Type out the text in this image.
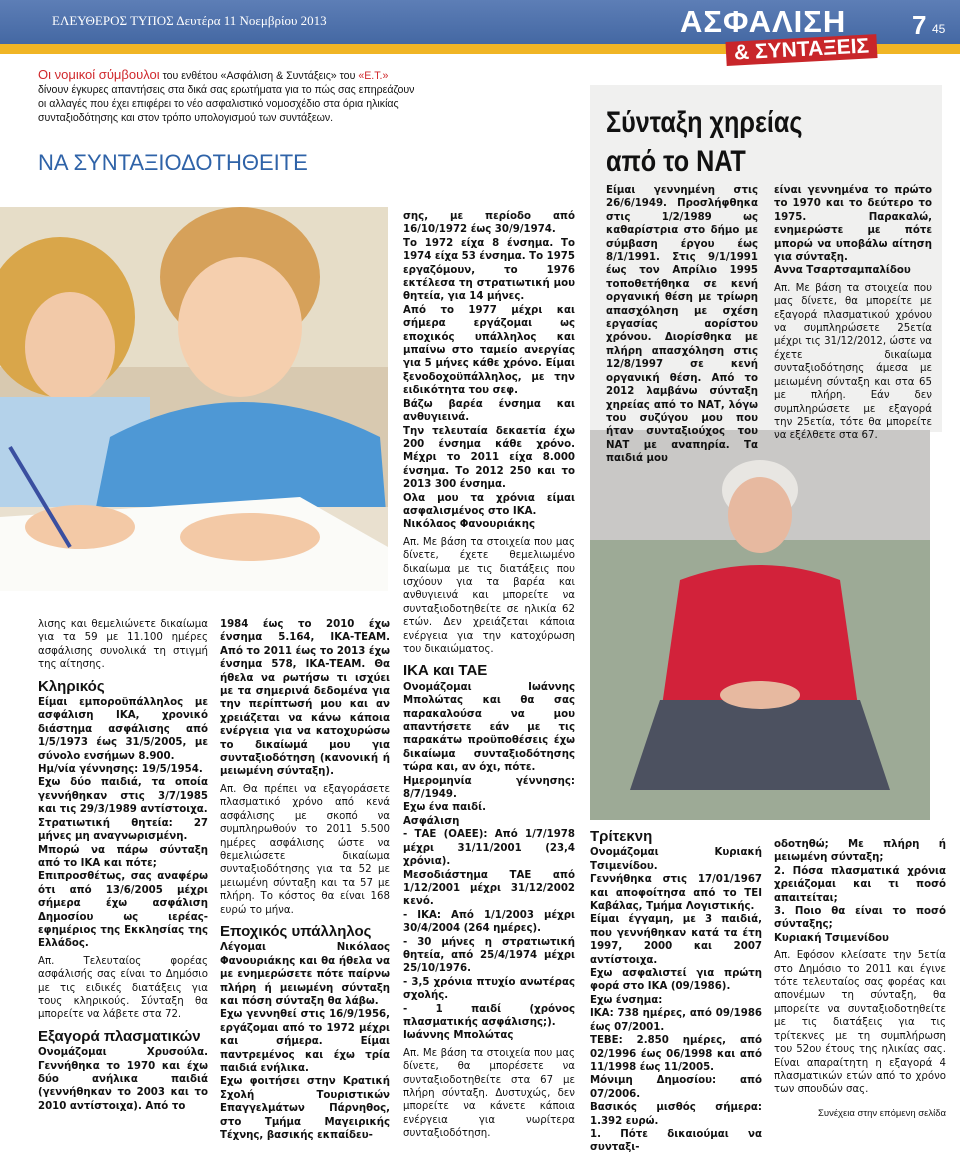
ΕΛΕΥΘΕΡΟΣ ΤΥΠΟΣ Δευτέρα 11 Νοεμβρίου 2013	ΑΣΦΑΛΙΣΗ
& ΣΥΝΤΑΞΕΙΣ
7 45
Οι νομικοί σύμβουλοι του ενθέτου «Ασφάλιση & Συντάξεις» του «Ε.Τ.» δίνουν έγκυρες απαντήσεις στα δικά σας ερωτήματα για το πώς σας επηρεάζουν οι αλλαγές που έχει επιφέρει το νέο ασφαλιστικό νομοσχέδιο στα όρια ηλικίας συνταξιοδότησης και στον τρόπο υπολογισμού των συντάξεων.
ΝΑ ΣΥΝΤΑΞΙΟΔΟΤΗΘΕΙΤΕ
Σύνταξη χηρείας
από το ΝΑΤ

λισης και θεμελιώνετε δικαίωμα για τα 59 με 11.100 ημέρες ασφάλισης συνολικά τη στιγμή της αίτησης.

Κληρικός

Είμαι εμποροϋπάλληλος με ασφάλιση ΙΚΑ, χρονικό διάστημα ασφάλισης από 1/5/1973 έως 31/5/2005, με σύνολο ενσήμων 8.900.

Ημ/νία γέννησης: 19/5/1954.

Εχω δύο παιδιά, τα οποία γεννήθηκαν στις 3/7/1985 και τις 29/3/1989 αντίστοιχα.

Στρατιωτική θητεία: 27 μήνες μη αναγνωρισμένη.

Μπορώ να πάρω σύνταξη από το ΙΚΑ και πότε;

Επιπροσθέτως, σας αναφέρω ότι από 13/6/2005 μέχρι σήμερα έχω ασφάλιση Δημοσίου ως ιερέας-εφημέριος της Εκκλησίας της Ελλάδος.

Απ. Τελευταίος φορέας ασφάλισής σας είναι το Δημόσιο με τις ειδικές διατάξεις για τους κληρικούς. Σύνταξη θα μπορείτε να λάβετε στα 72.

Εξαγορά πλασματικών

Ονομάζομαι Χρυσούλα. Γεννήθηκα το 1970 και έχω δύο ανήλικα παιδιά (γεννήθηκαν το 2003 και το 2010 αντίστοιχα). Από το

1984 έως το 2010 έχω ένσημα 5.164, ΙΚΑ-ΤΕΑΜ. Από το 2011 έως το 2013 έχω ένσημα 578, ΙΚΑ-ΤΕΑΜ. Θα ήθελα να ρωτήσω τι ισχύει με τα σημερινά δεδομένα για την περίπτωσή μου και αν χρειάζεται να κάνω κάποια ενέργεια για να κατοχυρώσω το δικαίωμά μου για συνταξιοδότηση (κανονική ή μειωμένη σύνταξη).

Απ. Θα πρέπει να εξαγοράσετε πλασματικό χρόνο από κενά ασφάλισης με σκοπό να συμπληρωθούν το 2011 5.500 ημέρες ασφάλισης ώστε να θεμελιώσετε δικαίωμα συνταξιοδότησης για τα 52 με μειωμένη σύνταξη και τα 57 με πλήρη. Το κόστος θα είναι 168 ευρώ το μήνα.

Εποχικός υπάλληλος

Λέγομαι Νικόλαος Φανουριάκης και θα ήθελα να με ενημερώσετε πότε παίρνω πλήρη ή μειωμένη σύνταξη και πόση σύνταξη θα λάβω.

Εχω γεννηθεί στις 16/9/1956, εργάζομαι από το 1972 μέχρι και σήμερα. Είμαι παντρεμένος και έχω τρία παιδιά ενήλικα.

Εχω φοιτήσει στην Κρατική Σχολή Τουριστικών Επαγγελμάτων Πάρνηθος, στο Τμήμα Μαγειρικής Τέχνης, βασικής εκπαίδευ-

σης, με περίοδο από 16/10/1972 έως 30/9/1974.

Το 1972 είχα 8 ένσημα. Το 1974 είχα 53 ένσημα. Το 1975 εργαζόμουν, το 1976 εκτέλεσα τη στρατιωτική μου θητεία, για 14 μήνες.

Από το 1977 μέχρι και σήμερα εργάζομαι ως εποχικός υπάλληλος και μπαίνω στο ταμείο ανεργίας για 5 μήνες κάθε χρόνο. Είμαι ξενοδοχοϋπάλληλος, με την ειδικότητα του σεφ.

Βάζω βαρέα ένσημα και ανθυγιεινά.

Την τελευταία δεκαετία έχω 200 ένσημα κάθε χρόνο. Μέχρι το 2011 είχα 8.000 ένσημα. Το 2012 250 και το 2013 300 ένσημα.

Ολα μου τα χρόνια είμαι ασφαλισμένος στο ΙΚΑ.

Νικόλαος Φανουριάκης

Απ. Με βάση τα στοιχεία που μας δίνετε, έχετε θεμελιωμένο δικαίωμα με τις διατάξεις που ισχύουν για τα βαρέα και ανθυγιεινά και μπορείτε να συνταξιοδοτηθείτε σε ηλικία 62 ετών. Δεν χρειάζεται κάποια ενέργεια για την κατοχύρωση του δικαιώματος.

ΙΚΑ και ΤΑΕ

Ονομάζομαι Ιωάννης Μπολώτας και θα σας παρακαλούσα να μου απαντήσετε εάν με τις παρακάτω προϋποθέσεις έχω δικαίωμα συνταξιοδότησης τώρα και, αν όχι, πότε.

Ημερομηνία γέννησης: 8/7/1949.

Εχω ένα παιδί.

Ασφάλιση

- ΤΑΕ (ΟΑΕΕ): Από 1/7/1978 μέχρι 31/11/2001 (23,4 χρόνια).

Μεσοδιάστημα ΤΑΕ από 1/12/2001 μέχρι 31/12/2002 κενό.

- ΙΚΑ: Από 1/1/2003 μέχρι 30/4/2004 (264 ημέρες).

- 30 μήνες η στρατιωτική θητεία, από 25/4/1974 μέχρι 25/10/1976.

- 3,5 χρόνια πτυχίο ανωτέρας σχολής.

- 1 παιδί (χρόνος πλασματικής ασφάλισης;).

Ιωάννης Μπολώτας

Απ. Με βάση τα στοιχεία που μας δίνετε, θα μπορέσετε να συνταξιοδοτηθείτε στα 67 με πλήρη σύνταξη. Δυστυχώς, δεν μπορείτε να κάνετε κάποια ενέργεια για νωρίτερα συνταξιοδότηση.

Είμαι γεννημένη στις 26/6/1949. Προσλήφθηκα στις 1/2/1989 ως καθαρίστρια στο δήμο με σύμβαση έργου έως 8/1/1991. Στις 9/1/1991 έως τον Απρίλιο 1995 τοποθετήθηκα σε κενή οργανική θέση με τρίωρη απασχόληση με σχέση εργασίας αορίστου χρόνου. Διορίσθηκα με πλήρη απασχόληση στις 12/8/1997 σε κενή οργανική θέση. Από το 2012 λαμβάνω σύνταξη χηρείας από το ΝΑΤ, λόγω του συζύγου μου που ήταν συνταξιούχος του ΝΑΤ με αναπηρία. Τα παιδιά μου

Τρίτεκνη

Ονομάζομαι Κυριακή Τσιμενίδου.

Γεννήθηκα στις 17/01/1967 και αποφοίτησα από το ΤΕΙ Καβάλας, Τμήμα Λογιστικής.

Είμαι έγγαμη, με 3 παιδιά, που γεννήθηκαν κατά τα έτη 1997, 2000 και 2007 αντίστοιχα.

Εχω ασφαλιστεί για πρώτη φορά στο ΙΚΑ (09/1986).

Εχω ένσημα:

ΙΚΑ: 738 ημέρες, από 09/1986 έως 07/2001.

ΤΕΒΕ: 2.850 ημέρες, από 02/1996 έως 06/1998 και από 11/1998 έως 11/2005.

Μόνιμη Δημοσίου: από 07/2006.

Βασικός μισθός σήμερα: 1.392 ευρώ.

1. Πότε δικαιούμαι να συνταξι-

είναι γεννημένα το πρώτο το 1970 και το δεύτερο το 1975. Παρακαλώ, ενημερώστε με πότε μπορώ να υποβάλω αίτηση για σύνταξη.

Αννα Τσαρτσαμπαλίδου

Απ. Με βάση τα στοιχεία που μας δίνετε, θα μπορείτε με εξαγορά πλασματικού χρόνου να συμπληρώσετε 25ετία μέχρι τις 31/12/2012, ώστε να έχετε δικαίωμα συνταξιοδότησης άμεσα με μειωμένη σύνταξη και στα 65 με πλήρη. Εάν δεν συμπληρώσετε με εξαγορά την 25ετία, τότε θα μπορείτε να εξέλθετε στα 67.

οδοτηθώ; Με πλήρη ή μειωμένη σύνταξη;

2. Πόσα πλασματικά χρόνια χρειάζομαι και τι ποσό απαιτείται;

3. Ποιο θα είναι το ποσό σύνταξης;

Κυριακή Τσιμενίδου

Απ. Εφόσον κλείσατε την 5ετία στο Δημόσιο το 2011 και έγινε τότε τελευταίος σας φορέας και απονέμων τη σύνταξη, θα μπορείτε να συνταξιοδοτηθείτε με τις διατάξεις για τις τρίτεκνες με τη συμπλήρωση του 52ου έτους της ηλικίας σας. Είναι απαραίτητη η εξαγορά 4 πλασματικών ετών από το χρόνο των σπουδών σας.

Συνέχεια στην επόμενη σελίδα
